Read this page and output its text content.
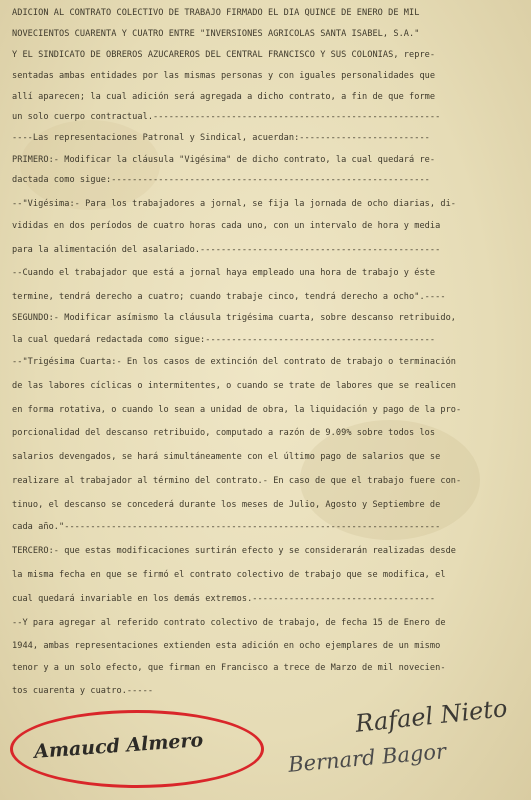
ADICION AL CONTRATO COLECTIVO DE TRABAJO FIRMADO EL DIA QUINCE DE ENERO DE MIL
NOVECIENTOS CUARENTA Y CUATRO ENTRE "INVERSIONES AGRICOLAS SANTA ISABEL, S.A."
Y EL SINDICATO DE OBREROS AZUCAREROS DEL CENTRAL FRANCISCO Y SUS COLONIAS, repre-
sentadas ambas entidades por las mismas personas y con iguales personalidades que
allí aparecen; la cual adición será agregada a dicho contrato, a fin de que forme
un solo cuerpo contractual.-------------------------------------------------------
----Las representaciones Patronal y Sindical, acuerdan:-------------------------
PRIMERO:- Modificar la cláusula "Vigésima" de dicho contrato, la cual quedará re-
dactada como sigue:-------------------------------------------------------------
--"Vigésima:- Para los trabajadores a jornal, se fija la jornada de ocho diarias, di-
vididas en dos períodos de cuatro horas cada uno, con un intervalo de hora y media
para la alimentación del asalariado.----------------------------------------------
--Cuando el trabajador que está a jornal haya empleado una hora de trabajo y éste
termine, tendrá derecho a cuatro; cuando trabaje cinco, tendrá derecho a ocho".----
SEGUNDO:- Modificar asímismo la cláusula trigésima cuarta, sobre descanso retribuido,
la cual quedará redactada como sigue:--------------------------------------------
--"Trigésima Cuarta:- En los casos de extinción del contrato de trabajo o terminación
de las labores cíclicas o intermitentes, o cuando se trate de labores que se realicen
en forma rotativa, o cuando lo sean a unidad de obra, la liquidación y pago de la pro-
porcionalidad del descanso retribuido, computado a razón de 9.09% sobre todos los
salarios devengados, se hará simultáneamente con el último pago de salarios que se
realizare al trabajador al término del contrato.- En caso de que el trabajo fuere con-
tinuo, el descanso se concederá durante los meses de Julio, Agosto y Septiembre de
cada año."------------------------------------------------------------------------
TERCERO:- que estas modificaciones surtirán efecto y se considerarán realizadas desde
la misma fecha en que se firmó el contrato colectivo de trabajo que se modifica, el
cual quedará invariable en los demás extremos.-----------------------------------
--Y para agregar al referido contrato colectivo de trabajo, de fecha 15 de Enero de
1944, ambas representaciones extienden esta adición en ocho ejemplares de un mismo
tenor y a un solo efecto, que firman en Francisco a trece de Marzo de mil novecien-
tos cuarenta y cuatro.-----
Rafael Nieto
Bernard Bagor
Amaucd Almero
